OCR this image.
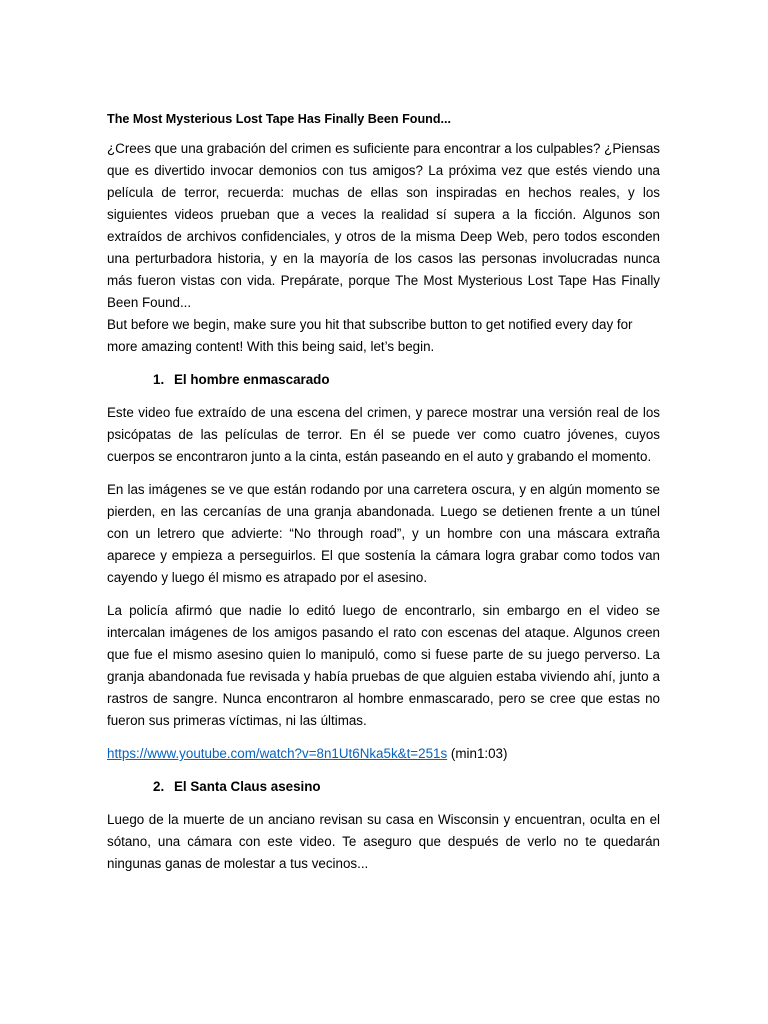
The Most Mysterious Lost Tape Has Finally Been Found...

¿Crees que una grabación del crimen es suficiente para encontrar a los culpables? ¿Piensas que es divertido invocar demonios con tus amigos? La próxima vez que estés viendo una película de terror, recuerda: muchas de ellas son inspiradas en hechos reales, y los siguientes videos prueban que a veces la realidad sí supera a la ficción. Algunos son extraídos de archivos confidenciales, y otros de la misma Deep Web, pero todos esconden una perturbadora historia, y en la mayoría de los casos las personas involucradas nunca más fueron vistas con vida. Prepárate, porque The Most Mysterious Lost Tape Has Finally Been Found...

But before we begin, make sure you hit that subscribe button to get notified every day for more amazing content! With this being said, let’s begin.

1. El hombre enmascarado

Este video fue extraído de una escena del crimen, y parece mostrar una versión real de los psicópatas de las películas de terror. En él se puede ver como cuatro jóvenes, cuyos cuerpos se encontraron junto a la cinta, están paseando en el auto y grabando el momento.

En las imágenes se ve que están rodando por una carretera oscura, y en algún momento se pierden, en las cercanías de una granja abandonada. Luego se detienen frente a un túnel con un letrero que advierte: “No through road”, y un hombre con una máscara extraña aparece y empieza a perseguirlos. El que sostenía la cámara logra grabar como todos van cayendo y luego él mismo es atrapado por el asesino.

La policía afirmó que nadie lo editó luego de encontrarlo, sin embargo en el video se intercalan imágenes de los amigos pasando el rato con escenas del ataque. Algunos creen que fue el mismo asesino quien lo manipuló, como si fuese parte de su juego perverso. La granja abandonada fue revisada y había pruebas de que alguien estaba viviendo ahí, junto a rastros de sangre. Nunca encontraron al hombre enmascarado, pero se cree que estas no fueron sus primeras víctimas, ni las últimas.

https://www.youtube.com/watch?v=8n1Ut6Nka5k&t=251s (min1:03)
2. El Santa Claus asesino

Luego de la muerte de un anciano revisan su casa en Wisconsin y encuentran, oculta en el sótano, una cámara con este video. Te aseguro que después de verlo no te quedarán ningunas ganas de molestar a tus vecinos...
